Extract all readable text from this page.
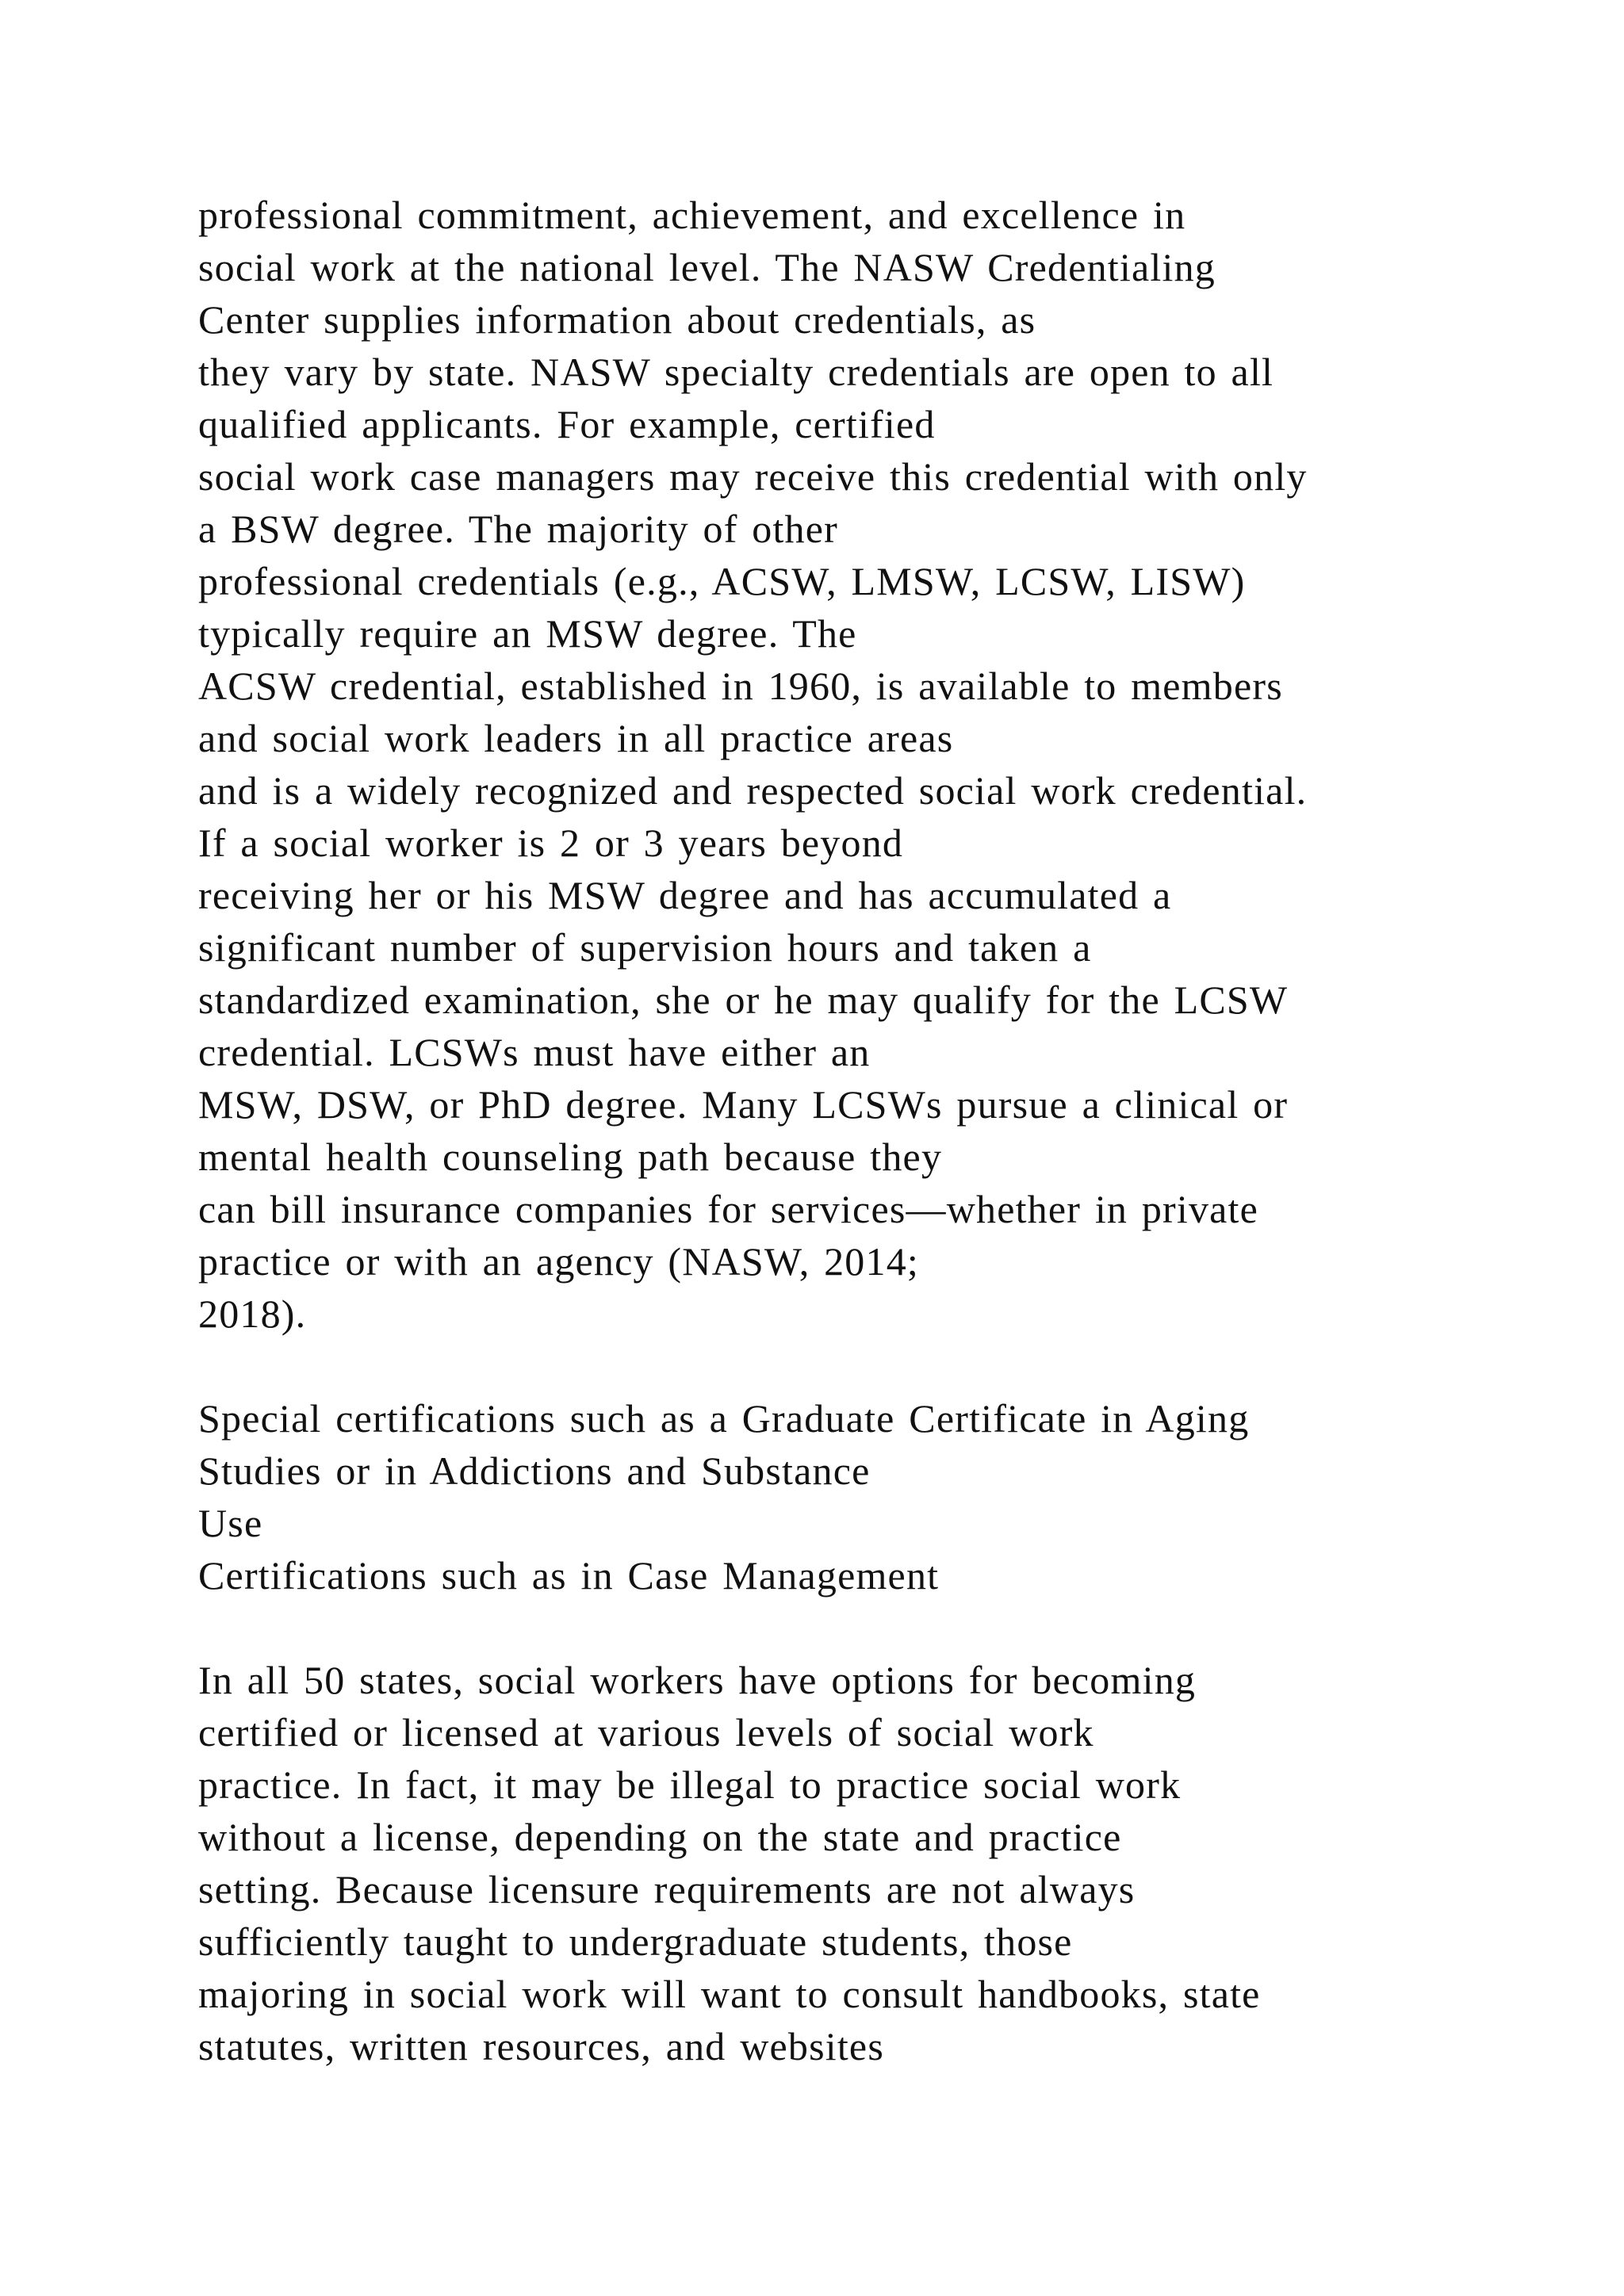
professional commitment, achievement, and excellence in
social work at the national level. The NASW Credentialing
Center supplies information about credentials, as
they vary by state. NASW specialty credentials are open to all
qualified applicants. For example, certified
social work case managers may receive this credential with only
a BSW degree. The majority of other
professional credentials (e.g., ACSW, LMSW, LCSW, LISW)
typically require an MSW degree. The
ACSW credential, established in 1960, is available to members
and social work leaders in all practice areas
and is a widely recognized and respected social work credential.
If a social worker is 2 or 3 years beyond
receiving her or his MSW degree and has accumulated a
significant number of supervision hours and taken a
standardized examination, she or he may qualify for the LCSW
credential. LCSWs must have either an
MSW, DSW, or PhD degree. Many LCSWs pursue a clinical or
mental health counseling path because they
can bill insurance companies for services—whether in private
practice or with an agency (NASW, 2014;
2018).
Special certifications such as a Graduate Certificate in Aging
Studies or in Addictions and Substance
Use
Certifications such as in Case Management
In all 50 states, social workers have options for becoming
certified or licensed at various levels of social work
practice. In fact, it may be illegal to practice social work
without a license, depending on the state and practice
setting. Because licensure requirements are not always
sufficiently taught to undergraduate students, those
majoring in social work will want to consult handbooks, state
statutes, written resources, and websites
